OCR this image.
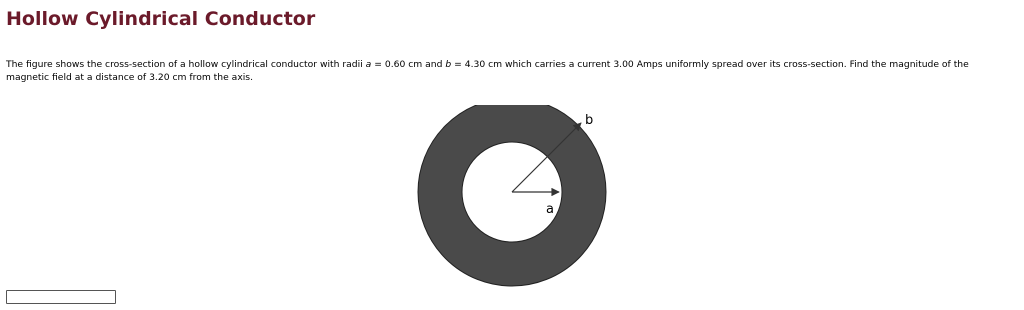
Hollow Cylindrical Conductor

The figure shows the cross-section of a hollow cylindrical conductor with radii a = 0.60 cm and b = 4.30 cm which carries a current 3.00 Amps uniformly spread over its cross-section. Find the magnitude of the magnetic field at a distance of 3.20 cm from the axis.

a
b
